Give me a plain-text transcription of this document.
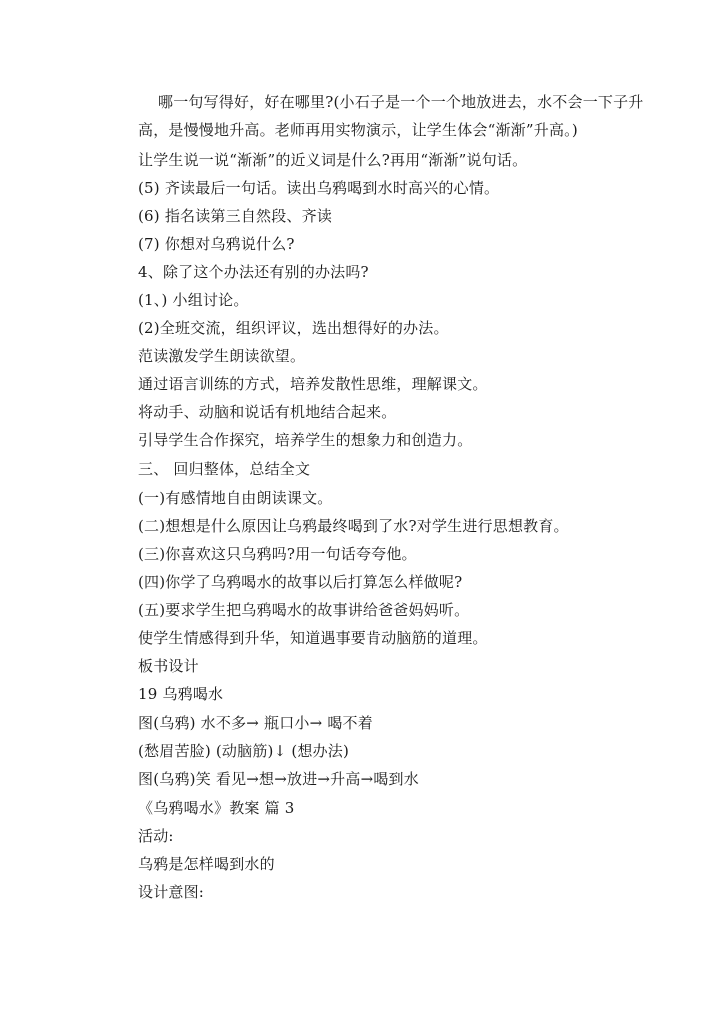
哪一句写得好，好在哪里?(小石子是一个一个地放进去，水不会一下子升
高，是慢慢地升高。老师再用实物演示，让学生体会“渐渐”升高。)
让学生说一说“渐渐”的近义词是什么?再用“渐渐”说句话。
(5) 齐读最后一句话。读出乌鸦喝到水时高兴的心情。
(6) 指名读第三自然段、齐读
(7) 你想对乌鸦说什么?
4、除了这个办法还有别的办法吗?
(1、) 小组讨论。
(2)全班交流，组织评议，选出想得好的办法。
范读激发学生朗读欲望。
通过语言训练的方式，培养发散性思维，理解课文。
将动手、动脑和说话有机地结合起来。
引导学生合作探究，培养学生的想象力和创造力。
三、 回归整体，总结全文
(一)有感情地自由朗读课文。
(二)想想是什么原因让乌鸦最终喝到了水?对学生进行思想教育。
(三)你喜欢这只乌鸦吗?用一句话夸夸他。
(四)你学了乌鸦喝水的故事以后打算怎么样做呢?
(五)要求学生把乌鸦喝水的故事讲给爸爸妈妈听。
使学生情感得到升华，知道遇事要肯动脑筋的道理。
板书设计
19 乌鸦喝水
图(乌鸦) 水不多→ 瓶口小→ 喝不着
(愁眉苦脸) (动脑筋)↓ (想办法)
图(乌鸦)笑 看见→想→放进→升高→喝到水
《乌鸦喝水》教案 篇 3
活动:
乌鸦是怎样喝到水的
设计意图:
